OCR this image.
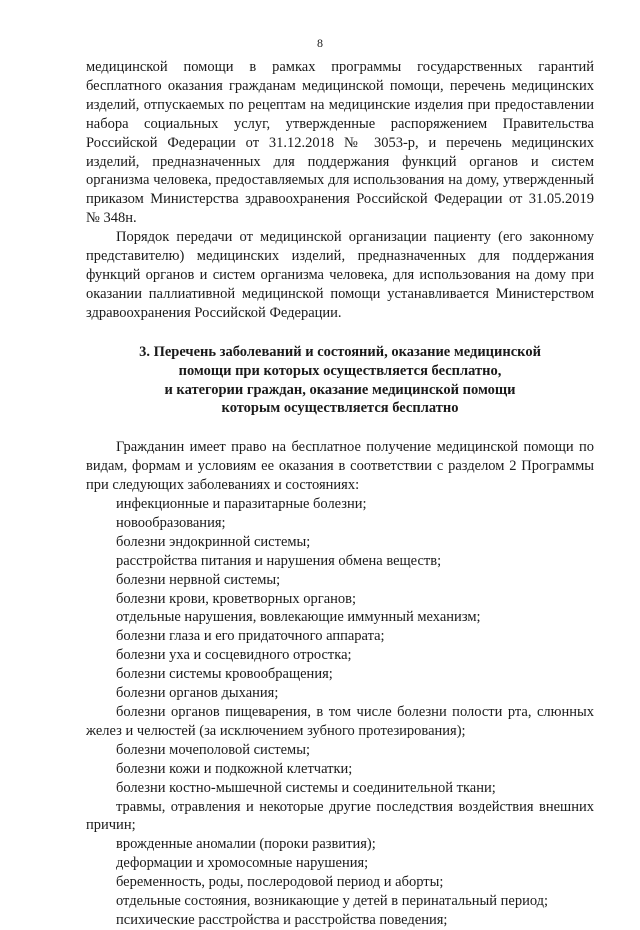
8

медицинской помощи в рамках программы государственных гарантий бесплатного оказания гражданам медицинской помощи, перечень медицинских изделий, отпускаемых по рецептам на медицинские изделия при предоставлении набора социальных услуг, утвержденные распоряжением Правительства Российской Федерации от 31.12.2018 № 3053-р, и перечень медицинских изделий, предназначенных для поддержания функций органов и систем организма человека, предоставляемых для использования на дому, утвержденный приказом Министерства здравоохранения Российской Федерации от 31.05.2019 № 348н.

Порядок передачи от медицинской организации пациенту (его законному представителю) медицинских изделий, предназначенных для поддержания функций органов и систем организма человека, для использования на дому при оказании паллиативной медицинской помощи устанавливается Министерством здравоохранения Российской Федерации.

3. Перечень заболеваний и состояний, оказание медицинской
помощи при которых осуществляется бесплатно,
и категории граждан, оказание медицинской помощи
которым осуществляется бесплатно

Гражданин имеет право на бесплатное получение медицинской помощи по видам, формам и условиям ее оказания в соответствии с разделом 2 Программы при следующих заболеваниях и состояниях:

инфекционные и паразитарные болезни;
новообразования;
болезни эндокринной системы;
расстройства питания и нарушения обмена веществ;
болезни нервной системы;
болезни крови, кроветворных органов;
отдельные нарушения, вовлекающие иммунный механизм;
болезни глаза и его придаточного аппарата;
болезни уха и сосцевидного отростка;
болезни системы кровообращения;
болезни органов дыхания;
болезни органов пищеварения, в том числе болезни полости рта, слюнных желез и челюстей (за исключением зубного протезирования);
болезни мочеполовой системы;
болезни кожи и подкожной клетчатки;
болезни костно-мышечной системы и соединительной ткани;
травмы, отравления и некоторые другие последствия воздействия внешних причин;
врожденные аномалии (пороки развития);
деформации и хромосомные нарушения;
беременность, роды, послеродовой период и аборты;
отдельные состояния, возникающие у детей в перинатальный период;
психические расстройства и расстройства поведения;
